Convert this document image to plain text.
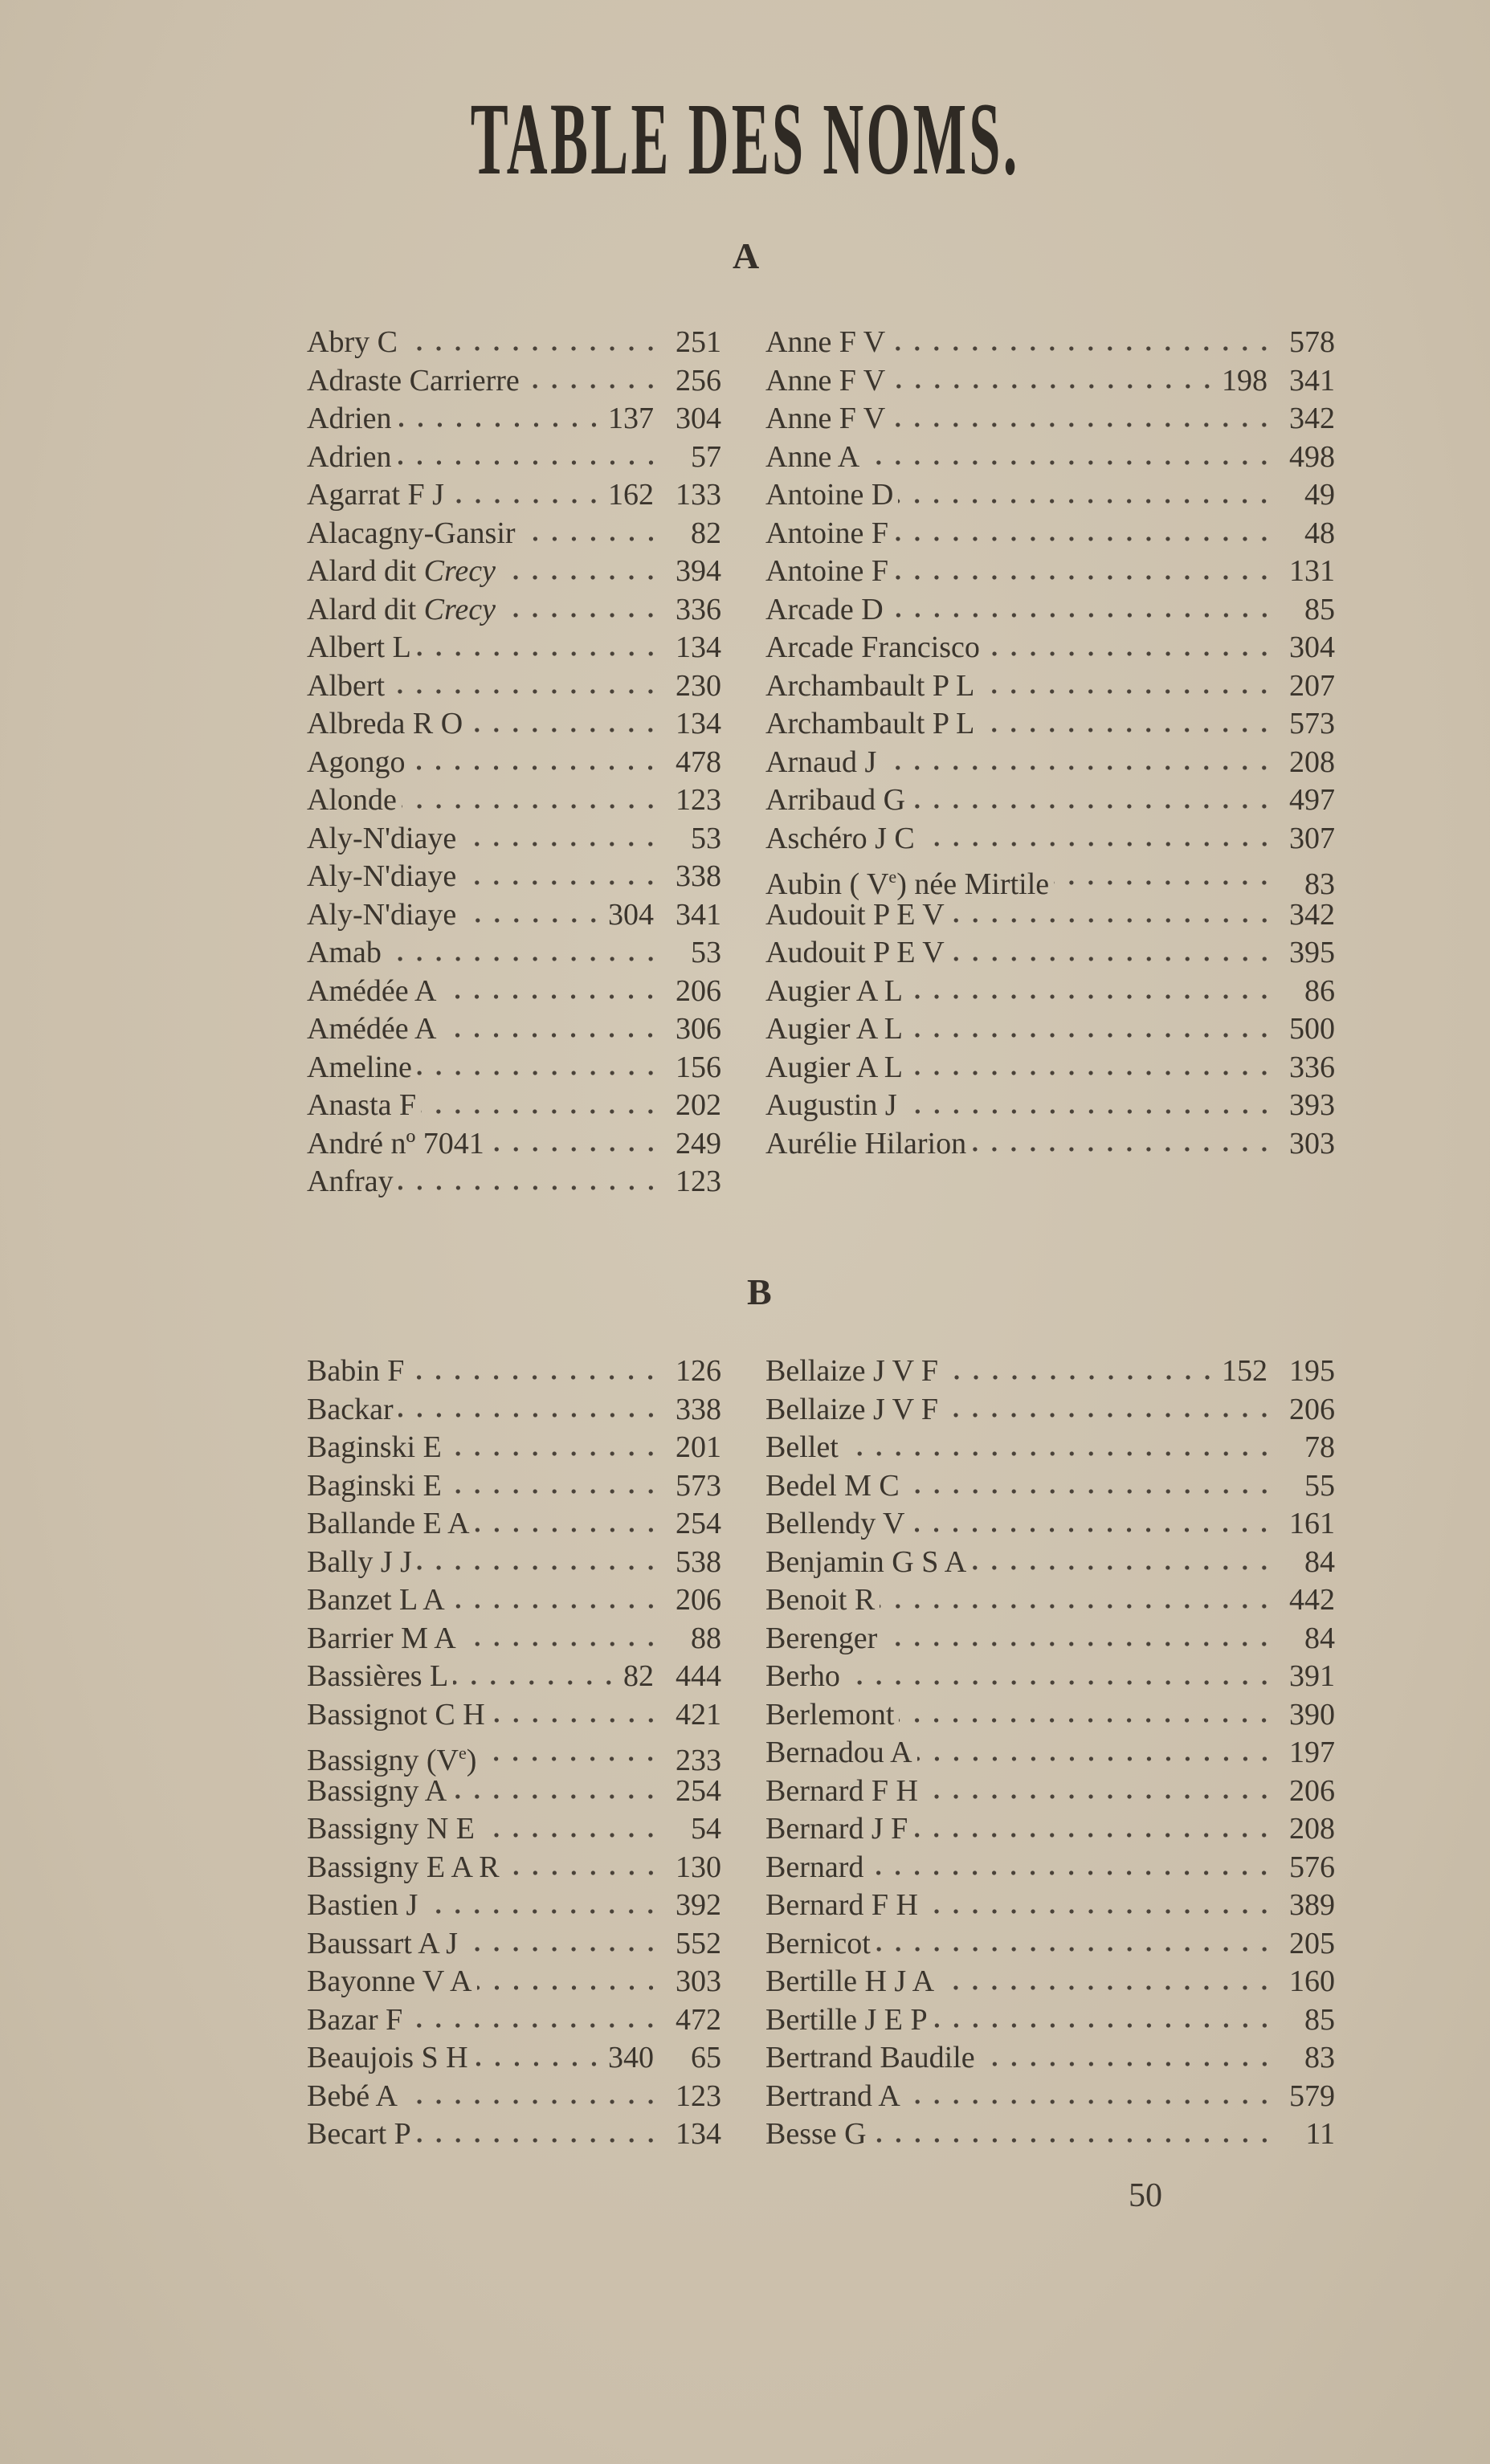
TABLE DES NOMS.
A
Abry C	251
Adraste Carrierre	256
Adrien	137 304
Adrien	57
Agarrat F J	162 133
Alacagny-Gansir	82
Alard dit Crecy	394
Alard dit Crecy	336
Albert L	134
Albert	230
Albreda R O	134
Agongo	478
Alonde	123
Aly-N'diaye	53
Aly-N'diaye	338
Aly-N'diaye	304 341
Amab	53
Amédée A	206
Amédée A	306
Ameline	156
Anasta F	202
André nº 7041	249
Anfray	123
Anne F V	578
Anne F V	198 341
Anne F V	342
Anne A	498
Antoine D	49
Antoine F	48
Antoine F	131
Arcade D	85
Arcade Francisco	304
Archambault P L	207
Archambault P L	573
Arnaud J	208
Arribaud G	497
Aschéro J C	307
Aubin ( Ve) née Mirtile	83
Audouit P E V	342
Audouit P E V	395
Augier A L	86
Augier A L	500
Augier A L	336
Augustin J	393
Aurélie Hilarion	303
B
Babin F	126
Backar	338
Baginski E	201
Baginski E	573
Ballande E A	254
Bally J J	538
Banzet L A	206
Barrier M A	88
Bassières L	82 444
Bassignot C H	421
Bassigny (Ve)	233
Bassigny A	254
Bassigny N E	54
Bassigny E A R	130
Bastien J	392
Baussart A J	552
Bayonne V A	303
Bazar F	472
Beaujois S H	340	65
Bebé A	123
Becart P	134
Bellaize J V F	152 195
Bellaize J V F	206
Bellet	78
Bedel M C	55
Bellendy V	161
Benjamin G S A	84
Benoit R	442
Berenger	84
Berho	391
Berlemont	390
Bernadou A	197
Bernard F H	206
Bernard J F	208
Bernard	576
Bernard F H	389
Bernicot	205
Bertille H J A	160
Bertille J E P	85
Bertrand Baudile	83
Bertrand A	579
Besse G	11
50
